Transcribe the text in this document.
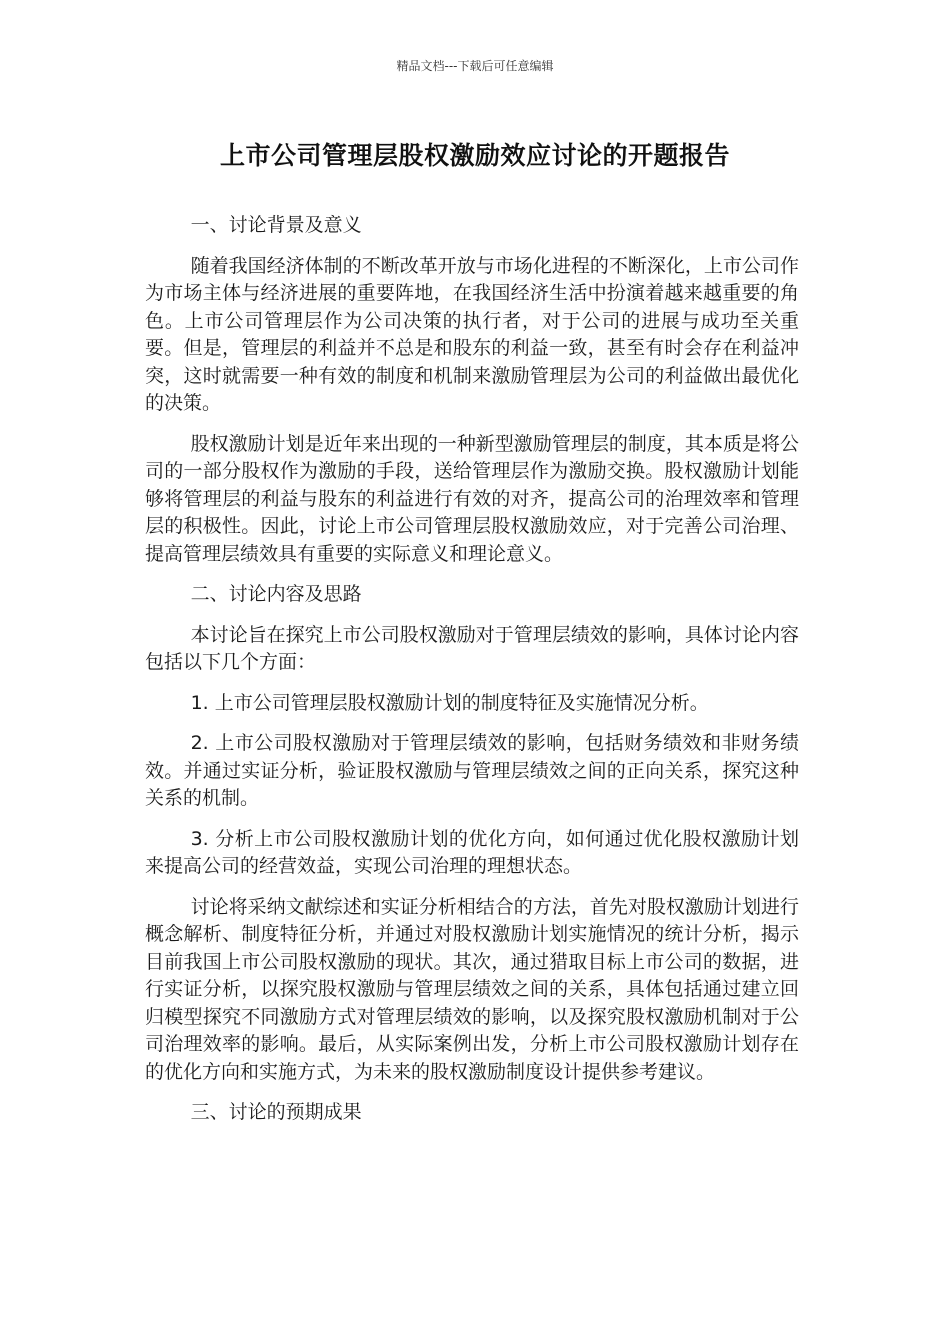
精品文档---下载后可任意编辑
上市公司管理层股权激励效应讨论的开题报告

一、讨论背景及意义

随着我国经济体制的不断改革开放与市场化进程的不断深化，上市公司作为市场主体与经济进展的重要阵地，在我国经济生活中扮演着越来越重要的角色。上市公司管理层作为公司决策的执行者，对于公司的进展与成功至关重要。但是，管理层的利益并不总是和股东的利益一致，甚至有时会存在利益冲突，这时就需要一种有效的制度和机制来激励管理层为公司的利益做出最优化的决策。

股权激励计划是近年来出现的一种新型激励管理层的制度，其本质是将公司的一部分股权作为激励的手段，送给管理层作为激励交换。股权激励计划能够将管理层的利益与股东的利益进行有效的对齐，提高公司的治理效率和管理层的积极性。因此，讨论上市公司管理层股权激励效应，对于完善公司治理、提高管理层绩效具有重要的实际意义和理论意义。

二、讨论内容及思路

本讨论旨在探究上市公司股权激励对于管理层绩效的影响，具体讨论内容包括以下几个方面：

1. 上市公司管理层股权激励计划的制度特征及实施情况分析。

2. 上市公司股权激励对于管理层绩效的影响，包括财务绩效和非财务绩效。并通过实证分析，验证股权激励与管理层绩效之间的正向关系，探究这种关系的机制。

3. 分析上市公司股权激励计划的优化方向，如何通过优化股权激励计划来提高公司的经营效益，实现公司治理的理想状态。

讨论将采纳文献综述和实证分析相结合的方法，首先对股权激励计划进行概念解析、制度特征分析，并通过对股权激励计划实施情况的统计分析，揭示目前我国上市公司股权激励的现状。其次，通过猎取目标上市公司的数据，进行实证分析，以探究股权激励与管理层绩效之间的关系，具体包括通过建立回归模型探究不同激励方式对管理层绩效的影响，以及探究股权激励机制对于公司治理效率的影响。最后，从实际案例出发，分析上市公司股权激励计划存在的优化方向和实施方式，为未来的股权激励制度设计提供参考建议。

三、讨论的预期成果
